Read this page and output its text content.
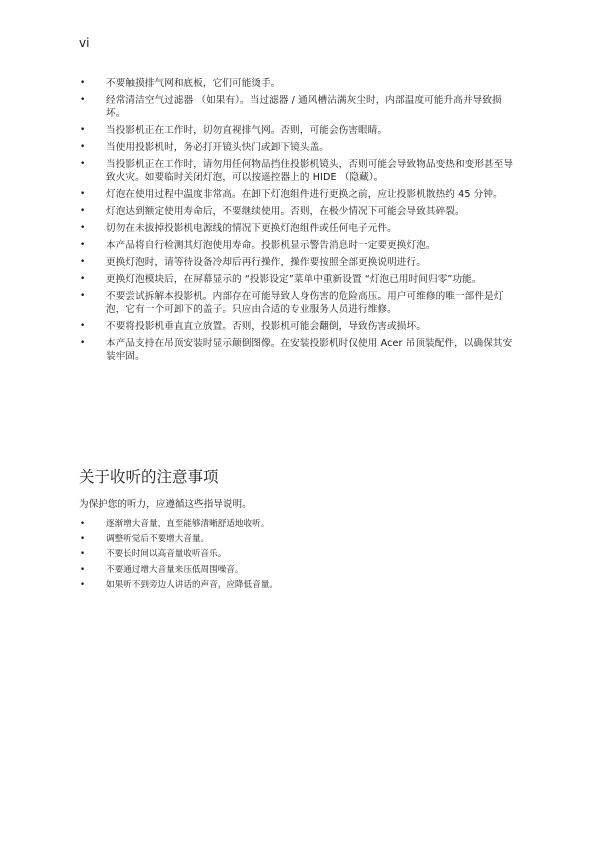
vi
• 不要触摸排气网和底板，它们可能烫手。
• 经常清洁空气过滤器 （如果有）。当过滤器 / 通风槽沾满灰尘时，内部温度可能升高并导致损坏。
• 当投影机正在工作时，切勿直视排气网。否则，可能会伤害眼睛。
• 当使用投影机时，务必打开镜头快门或卸下镜头盖。
• 当投影机正在工作时，请勿用任何物品挡住投影机镜头，否则可能会导致物品变热和变形甚至导致火灾。如要临时关闭灯泡，可以按遥控器上的 HIDE （隐藏）。
• 灯泡在使用过程中温度非常高。在卸下灯泡组件进行更换之前，应让投影机散热约 45 分钟。
• 灯泡达到额定使用寿命后，不要继续使用。否则，在极少情况下可能会导致其碎裂。
• 切勿在未拔掉投影机电源线的情况下更换灯泡组件或任何电子元件。
• 本产品将自行检测其灯泡使用寿命。投影机显示警告消息时一定要更换灯泡。
• 更换灯泡时，请等待设备冷却后再行操作，操作要按照全部更换说明进行。
• 更换灯泡模块后，在屏幕显示的 “投影设定”菜单中重新设置 “灯泡已用时间归零”功能。
• 不要尝试拆解本投影机。内部存在可能导致人身伤害的危险高压。用户可维修的唯一部件是灯泡，它有一个可卸下的盖子。只应由合适的专业服务人员进行维修。
• 不要将投影机垂直直立放置。否则，投影机可能会翻倒，导致伤害或损坏。
• 本产品支持在吊顶安装时显示颠倒图像。在安装投影机时仅使用 Acer 吊顶装配件，以确保其安装牢固。
关于收听的注意事项

为保护您的听力，应遵循这些指导说明。

• 逐渐增大音量，直至能够清晰舒适地收听。
• 调整听觉后不要增大音量。
• 不要长时间以高音量收听音乐。
• 不要通过增大音量来压低周围噪音。
• 如果听不到旁边人讲话的声音，应降低音量。
